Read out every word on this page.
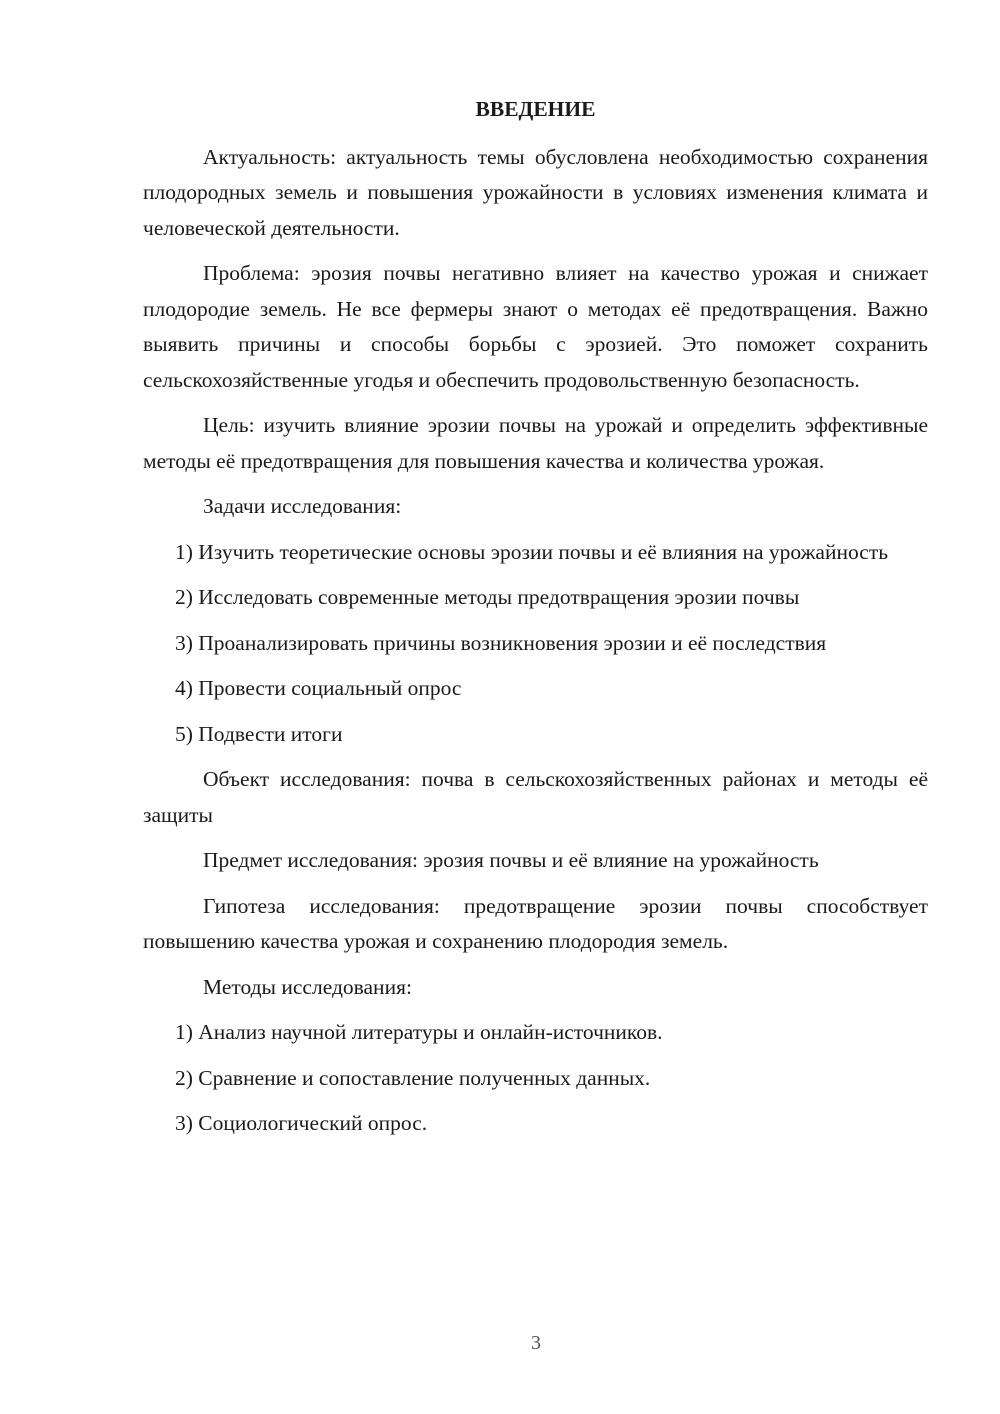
ВВЕДЕНИЕ

Актуальность: актуальность темы обусловлена необходимостью сохранения плодородных земель и повышения урожайности в условиях изменения климата и человеческой деятельности.

Проблема: эрозия почвы негативно влияет на качество урожая и снижает плодородие земель. Не все фермеры знают о методах её предотвращения. Важно выявить причины и способы борьбы с эрозией. Это поможет сохранить сельскохозяйственные угодья и обеспечить продовольственную безопасность.

Цель: изучить влияние эрозии почвы на урожай и определить эффективные методы её предотвращения для повышения качества и количества урожая.

Задачи исследования:

1) Изучить теоретические основы эрозии почвы и её влияния на урожайность

2) Исследовать современные методы предотвращения эрозии почвы

3) Проанализировать причины возникновения эрозии и её последствия

4) Провести социальный опрос

5) Подвести итоги

Объект исследования: почва в сельскохозяйственных районах и методы её защиты

Предмет исследования: эрозия почвы и её влияние на урожайность

Гипотеза исследования: предотвращение эрозии почвы способствует повышению качества урожая и сохранению плодородия земель.

Методы исследования:

1) Анализ научной литературы и онлайн-источников.

2) Сравнение и сопоставление полученных данных.

3) Социологический опрос.

3
